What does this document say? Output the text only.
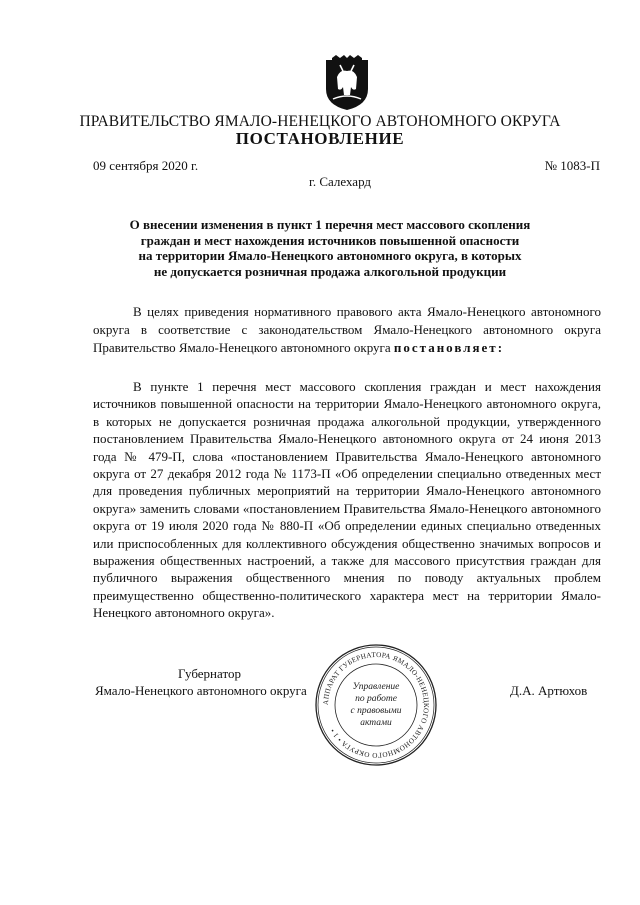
ПРАВИТЕЛЬСТВО ЯМАЛО-НЕНЕЦКОГО АВТОНОМНОГО ОКРУГА
ПОСТАНОВЛЕНИЕ
09 сентября 2020 г.	№ 1083-П
г. Салехард
О внесении изменения в пункт 1 перечня мест массового скопления
граждан и мест нахождения источников повышенной опасности
на территории Ямало-Ненецкого автономного округа, в которых
не допускается розничная продажа алкогольной продукции
В целях приведения нормативного правового акта Ямало-Ненецкого автономного округа в соответствие с законодательством Ямало-Ненецкого автономного округа Правительство Ямало-Ненецкого автономного округа постановляет:
В пункте 1 перечня мест массового скопления граждан и мест нахождения источников повышенной опасности на территории Ямало-Ненецкого автономного округа, в которых не допускается розничная продажа алкогольной продукции, утвержденного постановлением Правительства Ямало-Ненецкого автономного округа от 24 июня 2013 года № 479-П, слова «постановлением Правительства Ямало-Ненецкого автономного округа от 27 декабря 2012 года № 1173-П «Об определении специально отведенных мест для проведения публичных мероприятий на территории Ямало-Ненецкого автономного округа» заменить словами «постановлением Правительства Ямало-Ненецкого автономного округа от 19 июля 2020 года № 880-П «Об определении единых специально отведенных или приспособленных для коллективного обсуждения общественно значимых вопросов и выражения общественных настроений, а также для массового присутствия граждан для публичного выражения общественного мнения по поводу актуальных проблем преимущественно общественно-политического характера мест на территории Ямало-Ненецкого автономного округа».
Губернатор
Ямало-Ненецкого автономного округа	Д.А. Артюхов
АППАРАТ ГУБЕРНАТОРА ЯМАЛО-НЕНЕЦКОГО АВТОНОМНОГО ОКРУГА • 1 •
Управление
по работе
с правовыми
актами
